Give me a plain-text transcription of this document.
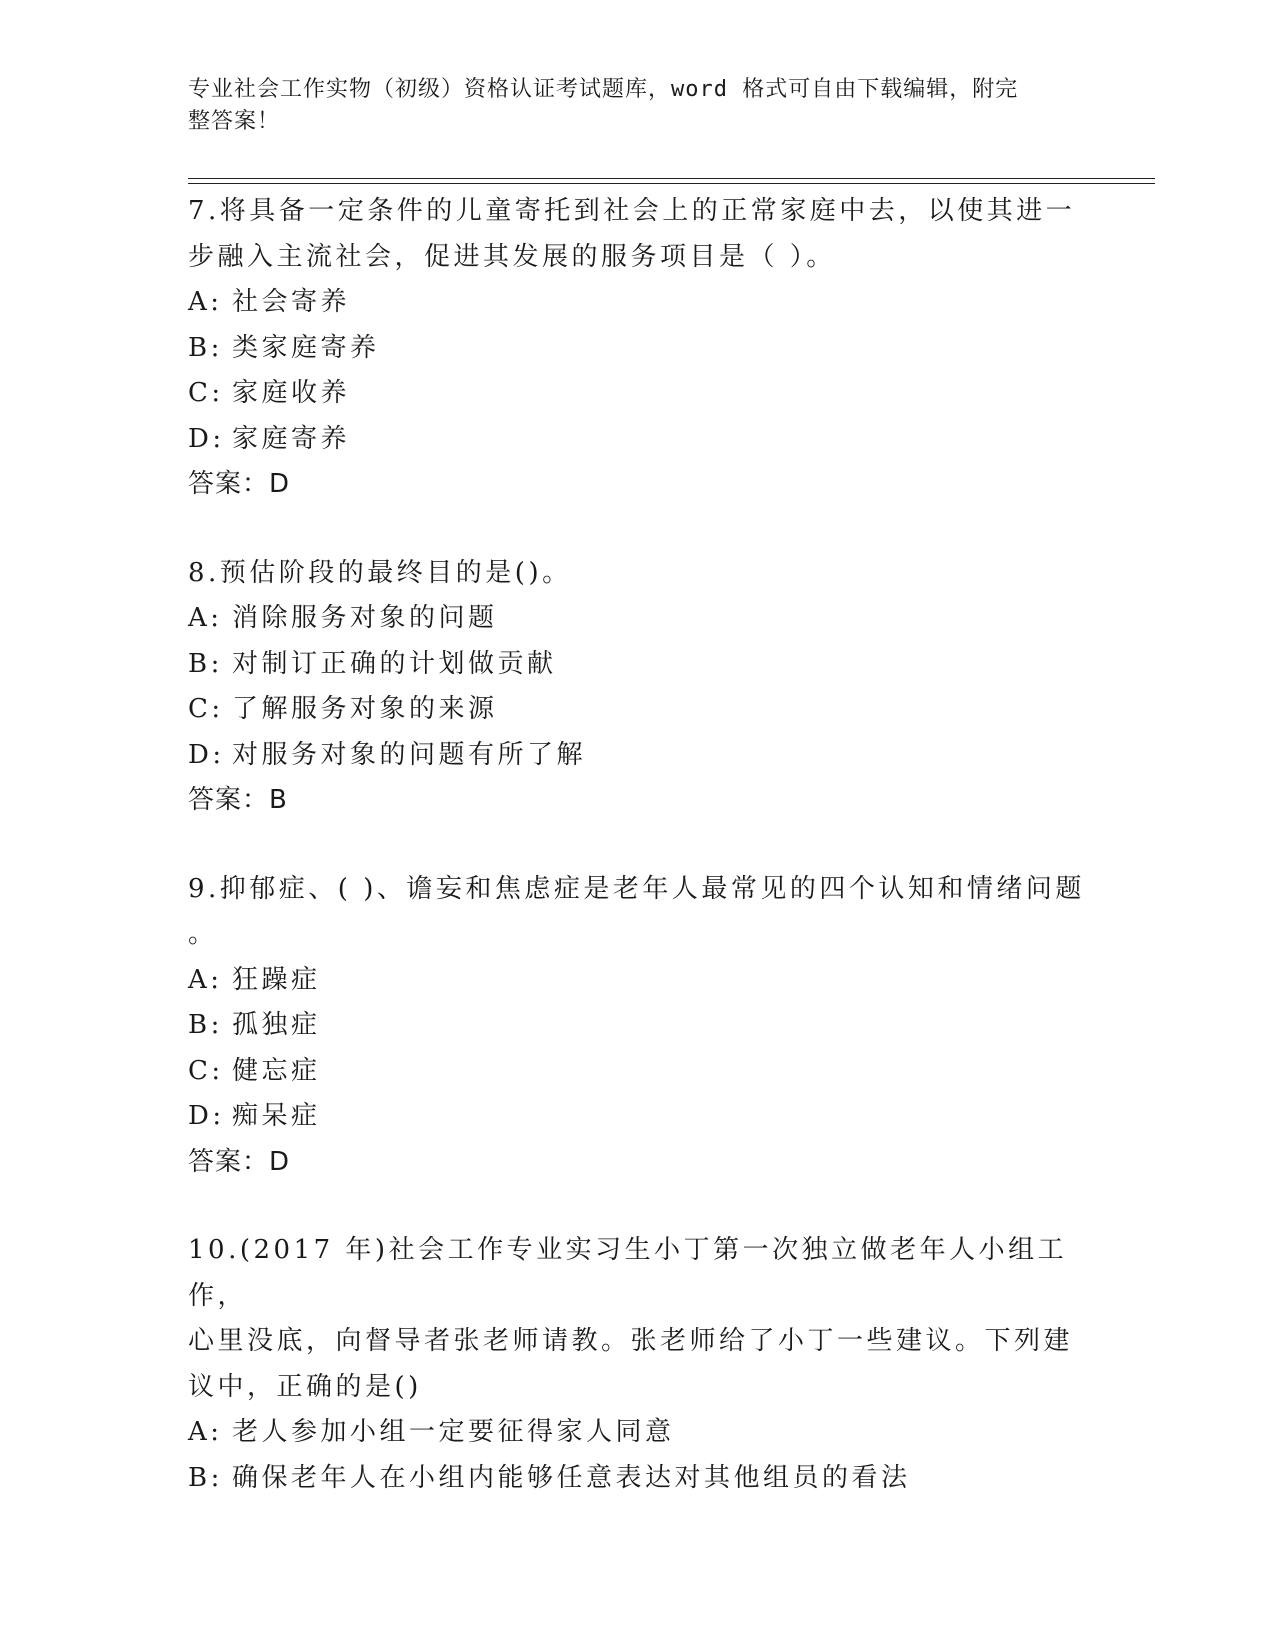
专业社会工作实物（初级）资格认证考试题库，word 格式可自由下载编辑，附完
整答案！
7.将具备一定条件的儿童寄托到社会上的正常家庭中去，以使其进一
步融入主流社会，促进其发展的服务项目是（ ）。
A: 社会寄养
B: 类家庭寄养
C: 家庭收养
D: 家庭寄养
答案：D
8.预估阶段的最终目的是()。
A: 消除服务对象的问题
B: 对制订正确的计划做贡献
C: 了解服务对象的来源
D: 对服务对象的问题有所了解
答案：B
9.抑郁症、( )、谵妄和焦虑症是老年人最常见的四个认知和情绪问题
。
A: 狂躁症
B: 孤独症
C: 健忘症
D: 痴呆症
答案：D
10.(2017 年)社会工作专业实习生小丁第一次独立做老年人小组工作，
心里没底，向督导者张老师请教。张老师给了小丁一些建议。下列建
议中，正确的是()
A: 老人参加小组一定要征得家人同意
B: 确保老年人在小组内能够任意表达对其他组员的看法
